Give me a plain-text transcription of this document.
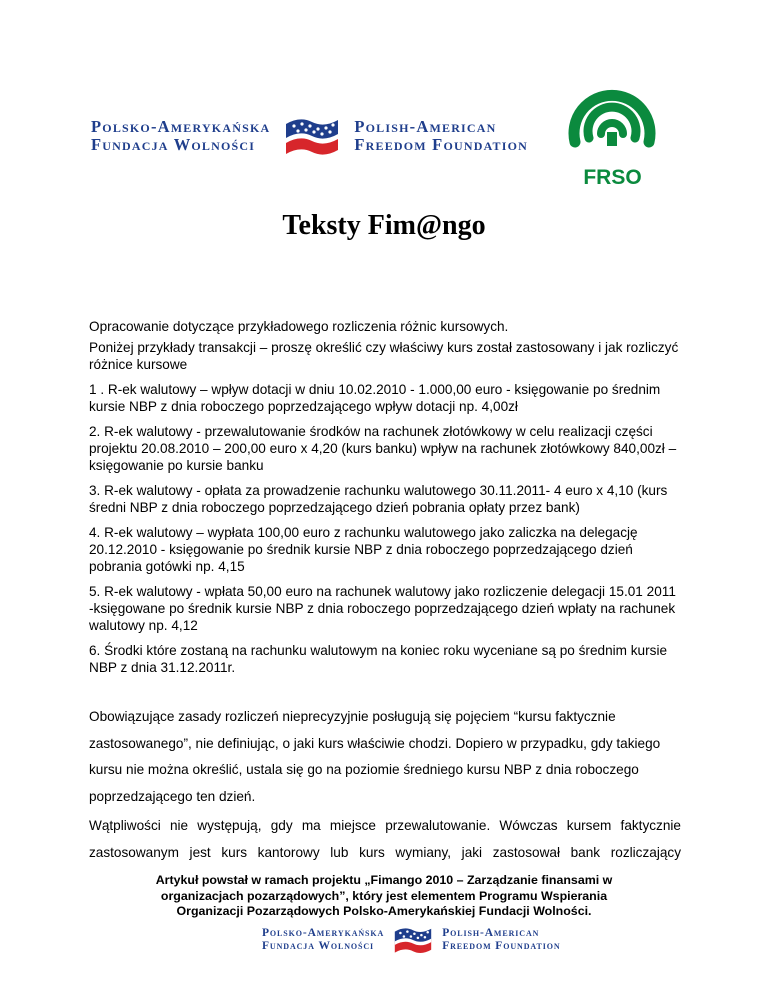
Polsko-Amerykańska
Fundacja Wolności
Polish-American
Freedom Foundation
FRSO
Teksty Fim@ngo

Opracowanie dotyczące przykładowego rozliczenia różnic kursowych.

Poniżej przykłady transakcji – proszę określić czy właściwy kurs został zastosowany i jak rozliczyć różnice kursowe

1 . R-ek walutowy – wpływ dotacji w dniu 10.02.2010 - 1.000,00 euro - księgowanie po średnim kursie NBP z dnia roboczego poprzedzającego wpływ dotacji np. 4,00zł

2. R-ek walutowy - przewalutowanie środków na rachunek złotówkowy w celu realizacji części projektu 20.08.2010 – 200,00 euro x 4,20 (kurs banku) wpływ na rachunek złotówkowy 840,00zł – księgowanie po kursie banku

3. R-ek walutowy - opłata za prowadzenie rachunku walutowego 30.11.2011- 4 euro x 4,10 (kurs średni NBP z dnia roboczego poprzedzającego dzień pobrania opłaty przez bank)

4. R-ek walutowy – wypłata 100,00 euro z rachunku walutowego jako zaliczka na delegację 20.12.2010 - księgowanie po średnik kursie NBP z dnia roboczego poprzedzającego dzień pobrania gotówki np. 4,15

5. R-ek walutowy - wpłata 50,00 euro na rachunek walutowy jako rozliczenie delegacji 15.01 2011 -księgowane po średnik kursie NBP z dnia roboczego poprzedzającego dzień wpłaty na rachunek walutowy np. 4,12

6. Środki które zostaną na rachunku walutowym na koniec roku wyceniane są po średnim kursie NBP z dnia 31.12.2011r.

Obowiązujące zasady rozliczeń nieprecyzyjnie posługują się pojęciem “kursu faktycznie zastosowanego”, nie definiując, o jaki kurs właściwie chodzi. Dopiero w przypadku, gdy takiego kursu nie można określić, ustala się go na poziomie średniego kursu NBP z dnia roboczego poprzedzającego ten dzień.

Wątpliwości nie występują, gdy ma miejsce przewalutowanie. Wówczas kursem faktycznie zastosowanym jest kurs kantorowy lub kurs wymiany, jaki zastosował bank rozliczający

Artykuł powstał w ramach projektu „Fimango 2010 – Zarządzanie finansami w
organizacjach pozarządowych”, który jest elementem Programu Wspierania
Organizacji Pozarządowych Polsko-Amerykańskiej Fundacji Wolności.
Polsko-Amerykańska
Fundacja Wolności
Polish-American
Freedom Foundation
